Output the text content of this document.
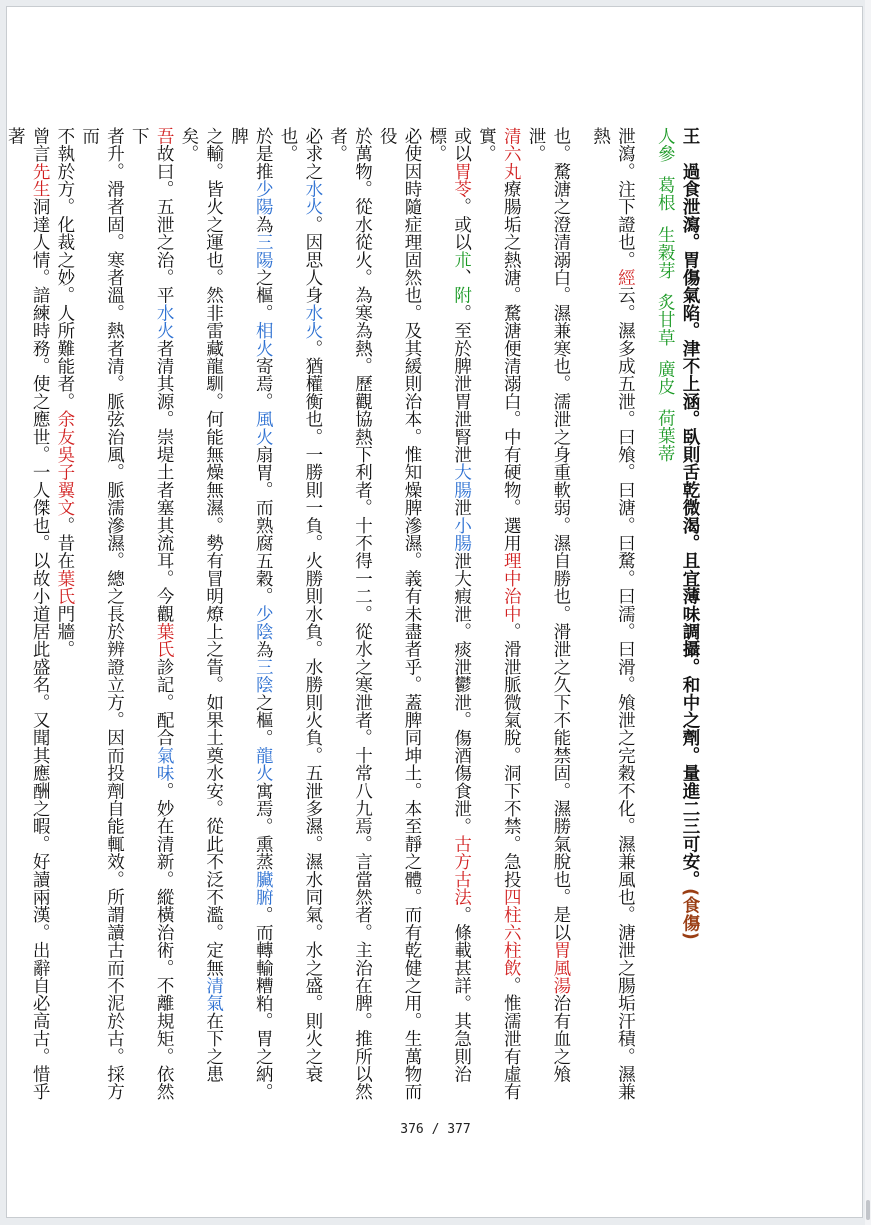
王　過食泄瀉。胃傷氣陷。津不上涵。臥則舌乾微渴。且宜薄味調攝。和中之劑。量進二三可安。(食傷)
人參葛根生穀芽炙甘草廣皮荷葉蒂
泄瀉。注下證也。經云。濕多成五泄。曰飧。曰溏。曰騖。曰濡。曰滑。飧泄之完穀不化。濕兼風也。溏泄之腸垢汗積。濕兼熱
也。騖溏之澄清溺白。濕兼寒也。濡泄之身重軟弱。濕自勝也。滑泄之久下不能禁固。濕勝氣脫也。是以胃風湯治有血之飧泄。
清六丸療腸垢之熱溏。騖溏便清溺白。中有硬物。選用理中治中。滑泄脈微氣脫。洞下不禁。急投四柱六柱飲。惟濡泄有虛有實。
或以胃苓。或以朮、附。至於脾泄胃泄腎泄大腸泄小腸泄大瘕泄。痰泄鬱泄。傷酒傷食泄。古方古法。條載甚詳。其急則治標。
必使因時隨症理固然也。及其緩則治本。惟知燥脾滲濕。義有未盡者乎。蓋脾同坤土。本至靜之體。而有乾健之用。生萬物而役
於萬物。從水從火。為寒為熱。歷觀協熱下利者。十不得一二。從水之寒泄者。十常八九焉。言當然者。主治在脾。推所以然者。
必求之水火。因思人身水火。猶權衡也。一勝則一負。火勝則水負。水勝則火負。五泄多濕。濕水同氣。水之盛。則火之衰也。
於是推少陽為三陽之樞。相火寄焉。風火扇胃。而熟腐五穀。少陰為三陰之樞。龍火寓焉。熏蒸臟腑。而轉輸糟粕。胃之納。脾
之輸。皆火之運也。然非雷藏龍馴。何能無燥無濕。勢有冒明燎上之眚。如果土奠水安。從此不泛不濫。定無清氣在下之患矣。
吾故曰。五泄之治。平水火者清其源。崇堤土者塞其流耳。今觀葉氏診記。配合氣味。妙在清新。縱橫治術。不離規矩。依然下
者升。滑者固。寒者溫。熱者清。脈弦治風。脈濡滲濕。總之長於辨證立方。因而投劑自能輒效。所謂讀古而不泥於古。採方而
不執於方。化裁之妙。人所難能者。余友吳子翼文。昔在葉氏門牆。
曾言先生洞達人情。諳練時務。使之應世。一人傑也。以故小道居此盛名。又聞其應酬之暇。好讀兩漢。出辭自必高古。惜乎著

376 / 377
